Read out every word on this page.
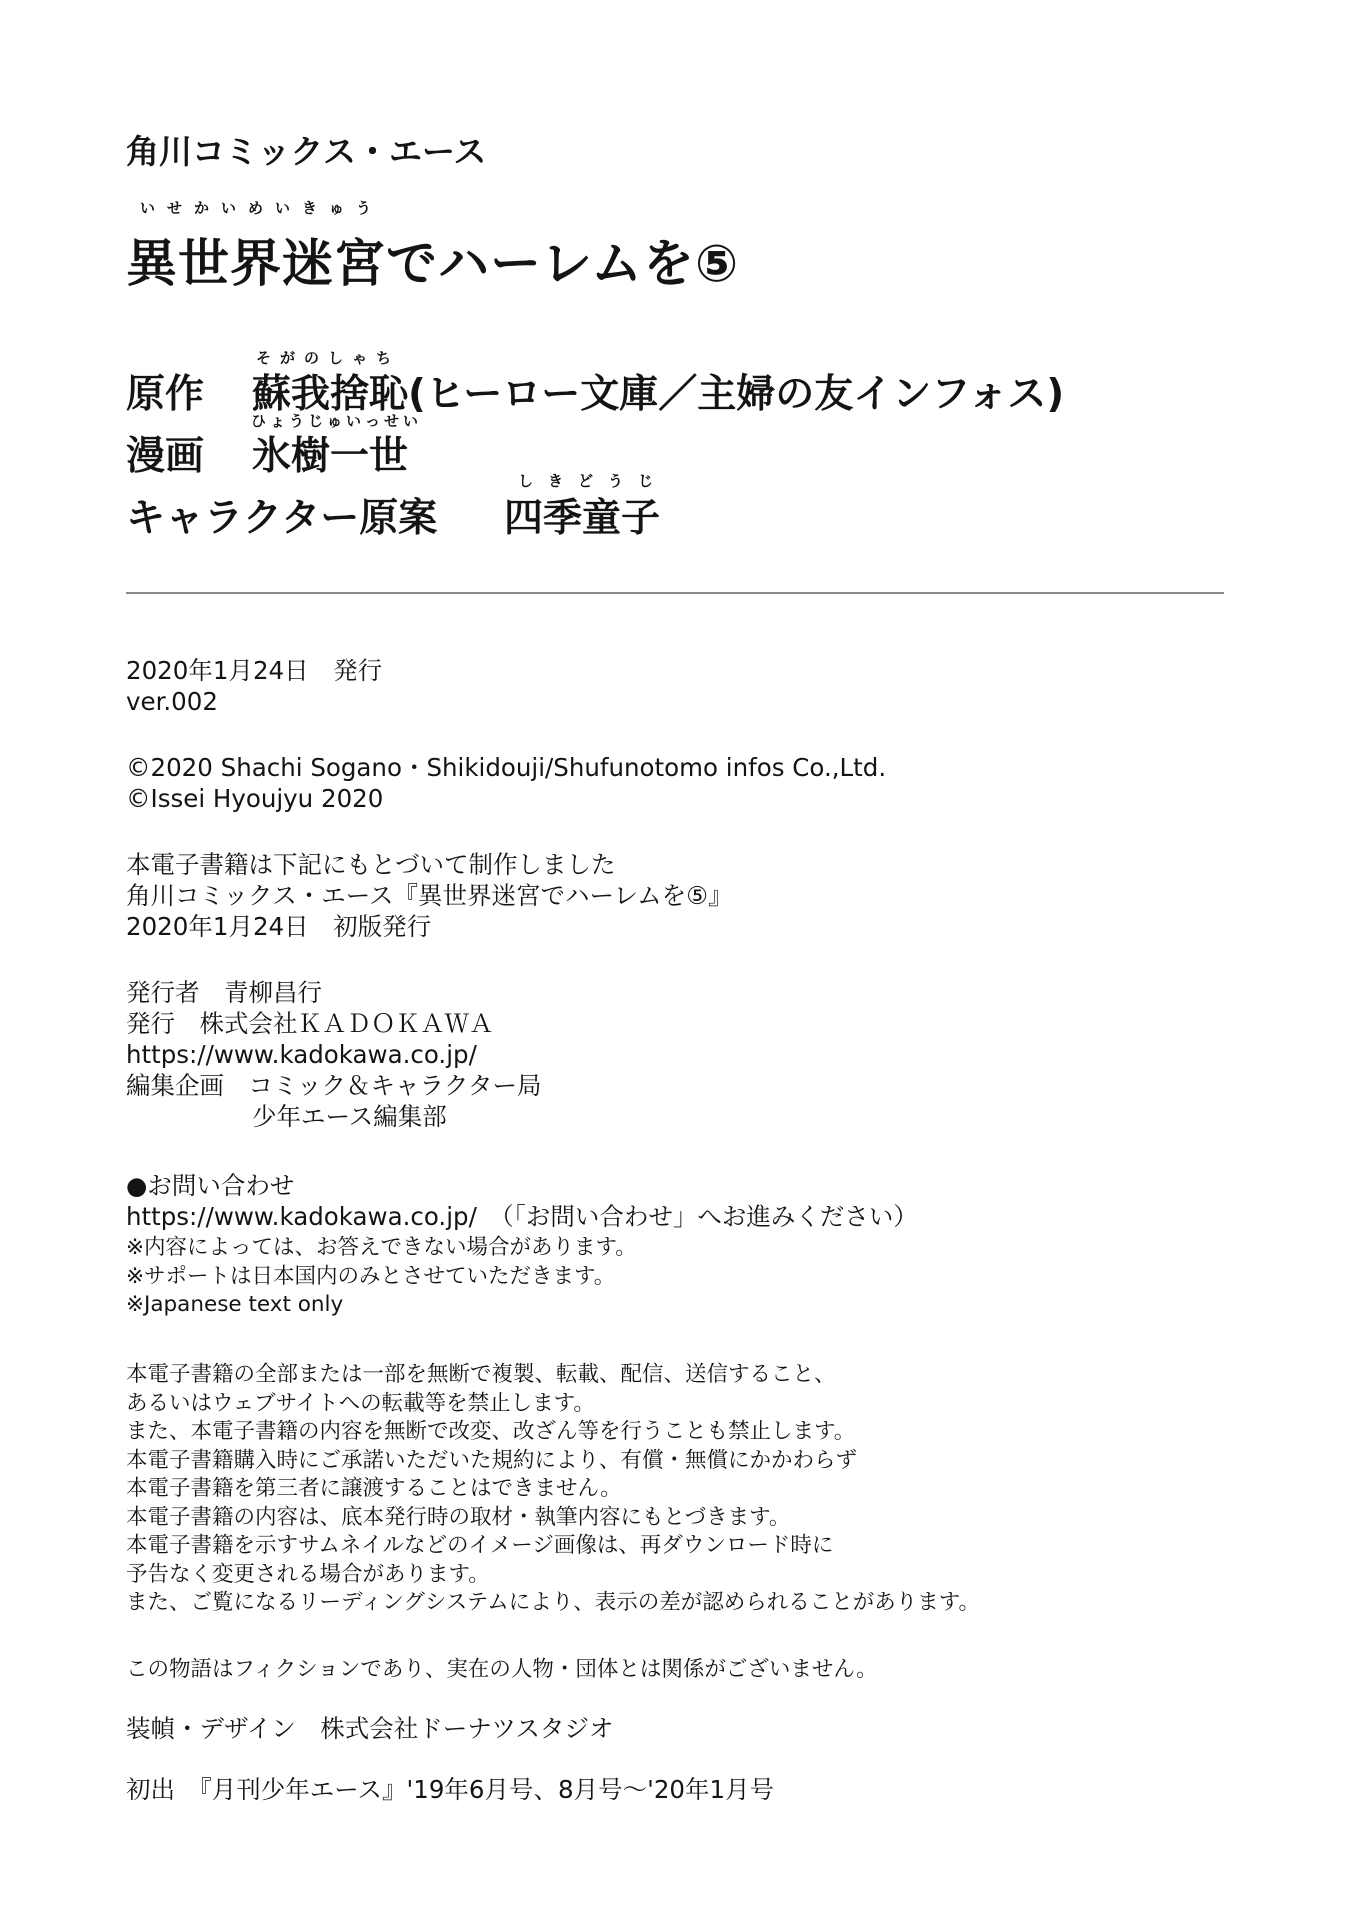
角川コミックス・エース
いせかいめいきゅう
異世界迷宮でハーレムを⑤
そがのしゃち
原作 蘇我捨恥(ヒーロー文庫／主婦の友インフォス)
ひょうじゅいっせい
漫画 氷樹一世
しきどうじ
キャラクター原案 四季童子
2020年1月24日　発行
ver.002
©2020 Shachi Sogano・Shikidouji/Shufunotomo infos Co.,Ltd.
©Issei Hyoujyu 2020
本電子書籍は下記にもとづいて制作しました
角川コミックス・エース『異世界迷宮でハーレムを⑤』
2020年1月24日　初版発行
発行者　青柳昌行
発行　株式会社ＫＡＤＯＫＡＷＡ
https://www.kadokawa.co.jp/
編集企画　コミック＆キャラクター局
少年エース編集部
●お問い合わせ
https://www.kadokawa.co.jp/　（「お問い合わせ」へお進みください）
※内容によっては、お答えできない場合があります。
※サポートは日本国内のみとさせていただきます。
※Japanese text only
本電子書籍の全部または一部を無断で複製、転載、配信、送信すること、
あるいはウェブサイトへの転載等を禁止します。
また、本電子書籍の内容を無断で改変、改ざん等を行うことも禁止します。
本電子書籍購入時にご承諾いただいた規約により、有償・無償にかかわらず
本電子書籍を第三者に譲渡することはできません。
本電子書籍の内容は、底本発行時の取材・執筆内容にもとづきます。
本電子書籍を示すサムネイルなどのイメージ画像は、再ダウンロード時に
予告なく変更される場合があります。
また、ご覧になるリーディングシステムにより、表示の差が認められることがあります。
この物語はフィクションであり、実在の人物・団体とは関係がございません。
装幀・デザイン　株式会社ドーナツスタジオ
初出　『月刊少年エース』'19年6月号、8月号～'20年1月号
